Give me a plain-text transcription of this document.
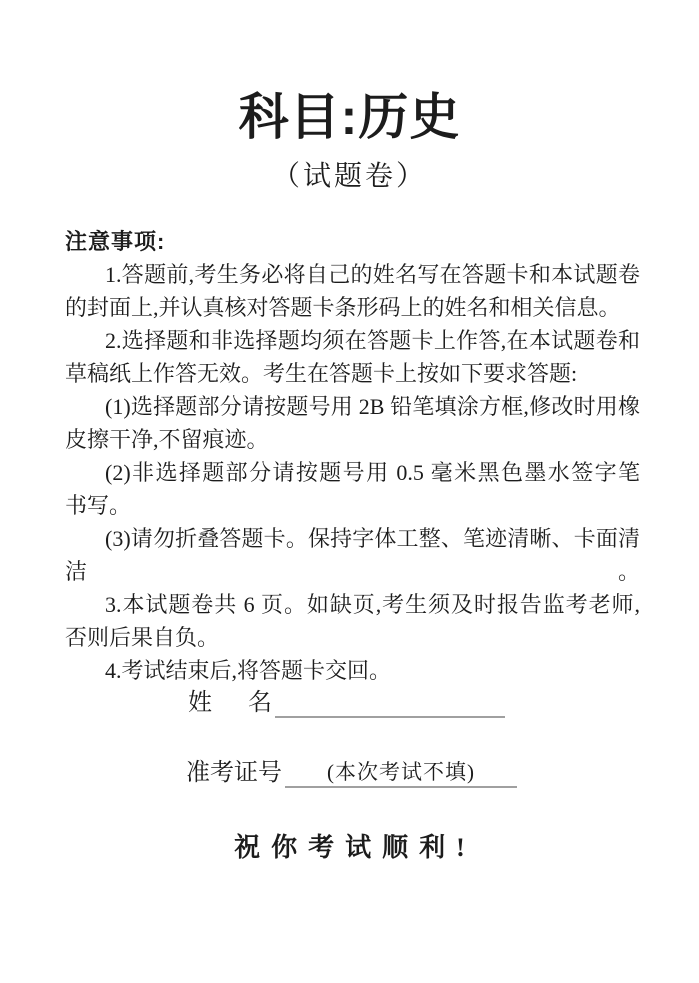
科目:历史
（试题卷）
注意事项:
1.答题前,考生务必将自己的姓名写在答题卡和本试题卷
的封面上,并认真核对答题卡条形码上的姓名和相关信息。
2.选择题和非选择题均须在答题卡上作答,在本试题卷和
草稿纸上作答无效。考生在答题卡上按如下要求答题:
(1)选择题部分请按题号用 2B 铅笔填涂方框,修改时用橡
皮擦干净,不留痕迹。
(2)非选择题部分请按题号用 0.5 毫米黑色墨水签字笔
书写。
(3)请勿折叠答题卡。保持字体工整、笔迹清晰、卡面清洁。
3.本试题卷共 6 页。如缺页,考生须及时报告监考老师,
否则后果自负。
4.考试结束后,将答题卡交回。
姓名
准考证号 (本次考试不填)
祝你考试顺利!
